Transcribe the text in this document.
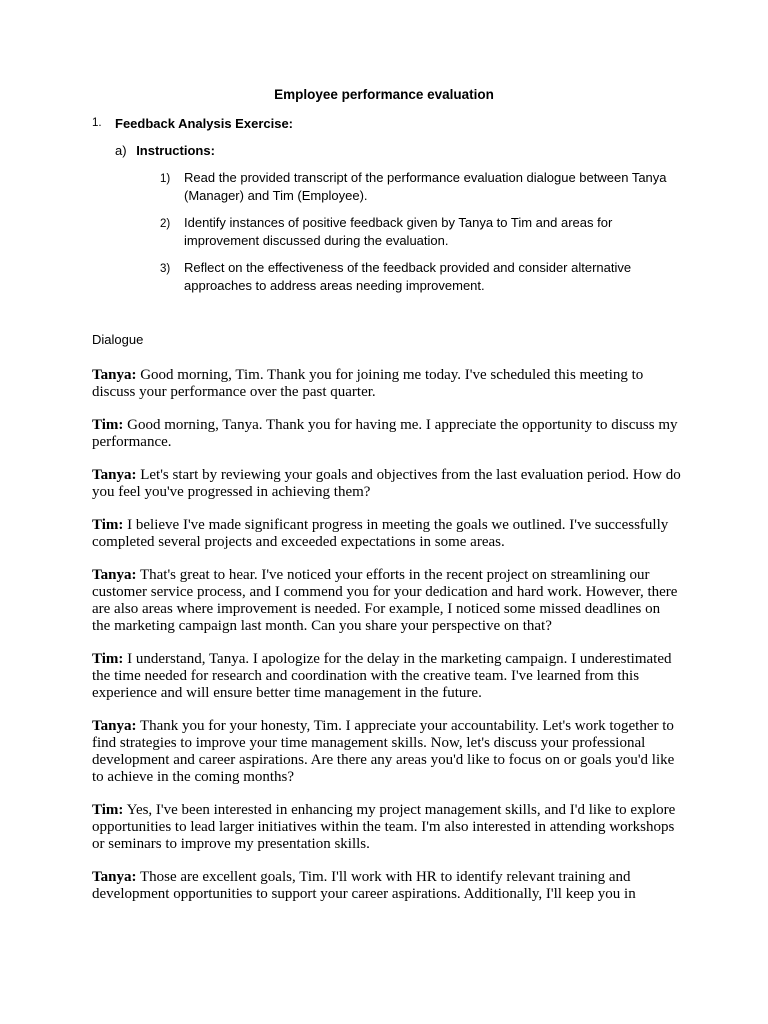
Employee performance evaluation
1. Feedback Analysis Exercise:
a) Instructions:
1) Read the provided transcript of the performance evaluation dialogue between Tanya (Manager) and Tim (Employee).
2) Identify instances of positive feedback given by Tanya to Tim and areas for improvement discussed during the evaluation.
3) Reflect on the effectiveness of the feedback provided and consider alternative approaches to address areas needing improvement.
Dialogue

Tanya: Good morning, Tim. Thank you for joining me today. I've scheduled this meeting to discuss your performance over the past quarter.

Tim: Good morning, Tanya. Thank you for having me. I appreciate the opportunity to discuss my performance.

Tanya: Let's start by reviewing your goals and objectives from the last evaluation period. How do you feel you've progressed in achieving them?

Tim: I believe I've made significant progress in meeting the goals we outlined. I've successfully completed several projects and exceeded expectations in some areas.

Tanya: That's great to hear. I've noticed your efforts in the recent project on streamlining our customer service process, and I commend you for your dedication and hard work. However, there are also areas where improvement is needed. For example, I noticed some missed deadlines on the marketing campaign last month. Can you share your perspective on that?

Tim: I understand, Tanya. I apologize for the delay in the marketing campaign. I underestimated the time needed for research and coordination with the creative team. I've learned from this experience and will ensure better time management in the future.

Tanya: Thank you for your honesty, Tim. I appreciate your accountability. Let's work together to find strategies to improve your time management skills. Now, let's discuss your professional development and career aspirations. Are there any areas you'd like to focus on or goals you'd like to achieve in the coming months?

Tim: Yes, I've been interested in enhancing my project management skills, and I'd like to explore opportunities to lead larger initiatives within the team. I'm also interested in attending workshops or seminars to improve my presentation skills.

Tanya: Those are excellent goals, Tim. I'll work with HR to identify relevant training and development opportunities to support your career aspirations. Additionally, I'll keep you in
